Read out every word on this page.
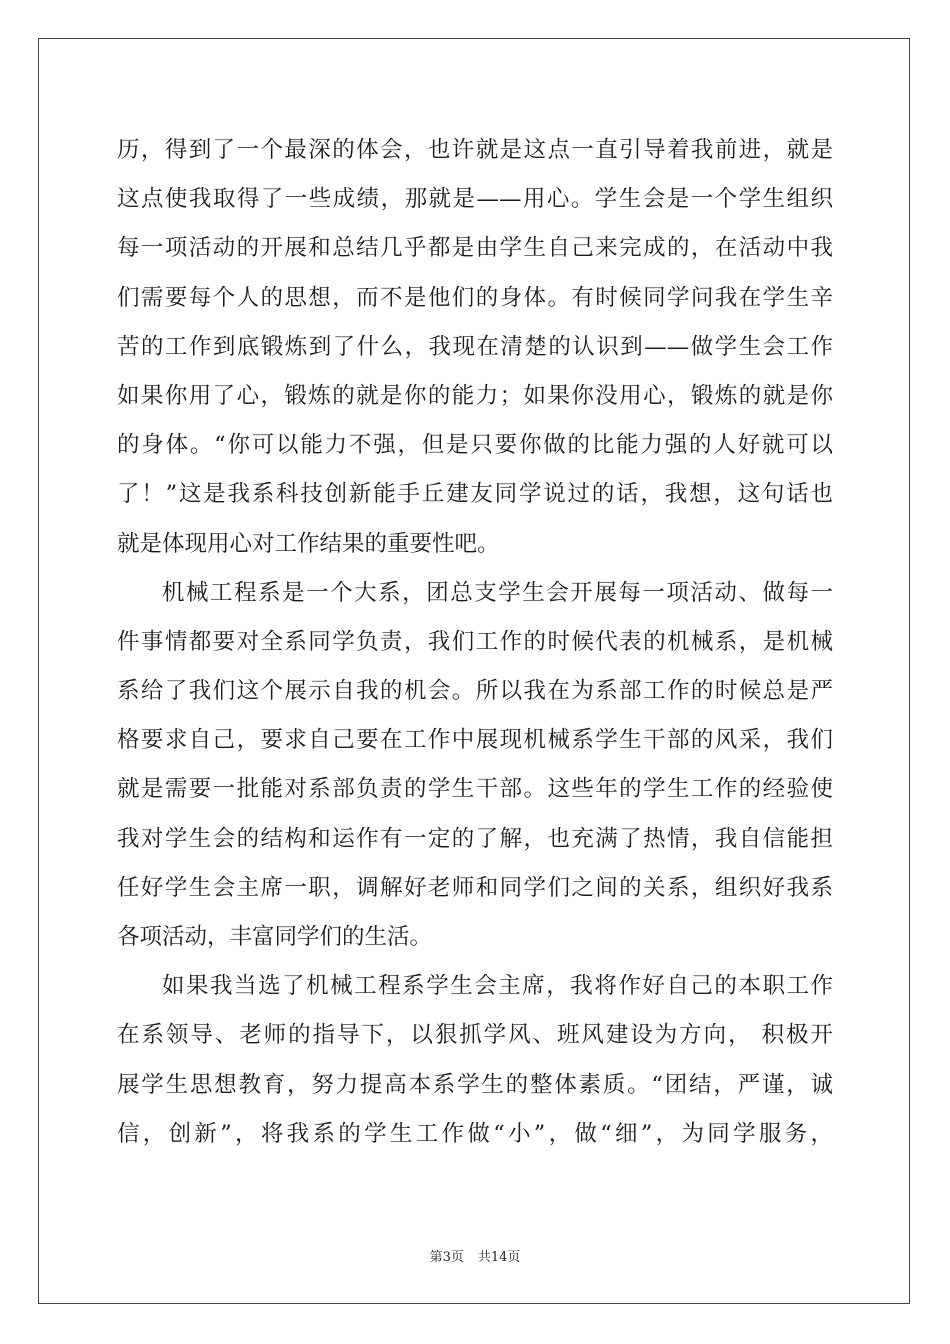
历，得到了一个最深的体会，也许就是这点一直引导着我前进，就是
这点使我取得了一些成绩，那就是——用心。学生会是一个学生组织
每一项活动的开展和总结几乎都是由学生自己来完成的，在活动中我
们需要每个人的思想，而不是他们的身体。有时候同学问我在学生辛
苦的工作到底锻炼到了什么，我现在清楚的认识到——做学生会工作
如果你用了心，锻炼的就是你的能力；如果你没用心，锻炼的就是你
的身体。“你可以能力不强，但是只要你做的比能力强的人好就可以
了！”这是我系科技创新能手丘建友同学说过的话，我想，这句话也
就是体现用心对工作结果的重要性吧。
机械工程系是一个大系，团总支学生会开展每一项活动、做每一
件事情都要对全系同学负责，我们工作的时候代表的机械系，是机械
系给了我们这个展示自我的机会。所以我在为系部工作的时候总是严
格要求自己，要求自己要在工作中展现机械系学生干部的风采，我们
就是需要一批能对系部负责的学生干部。这些年的学生工作的经验使
我对学生会的结构和运作有一定的了解，也充满了热情，我自信能担
任好学生会主席一职，调解好老师和同学们之间的关系，组织好我系
各项活动，丰富同学们的生活。
如果我当选了机械工程系学生会主席，我将作好自己的本职工作
在系领导、老师的指导下，以狠抓学风、班风建设为方向， 积极开
展学生思想教育，努力提高本系学生的整体素质。“团结，严谨，诚
信，创新”，将我系的学生工作做“小”，做“细”，为同学服务，
第3页 共14页
